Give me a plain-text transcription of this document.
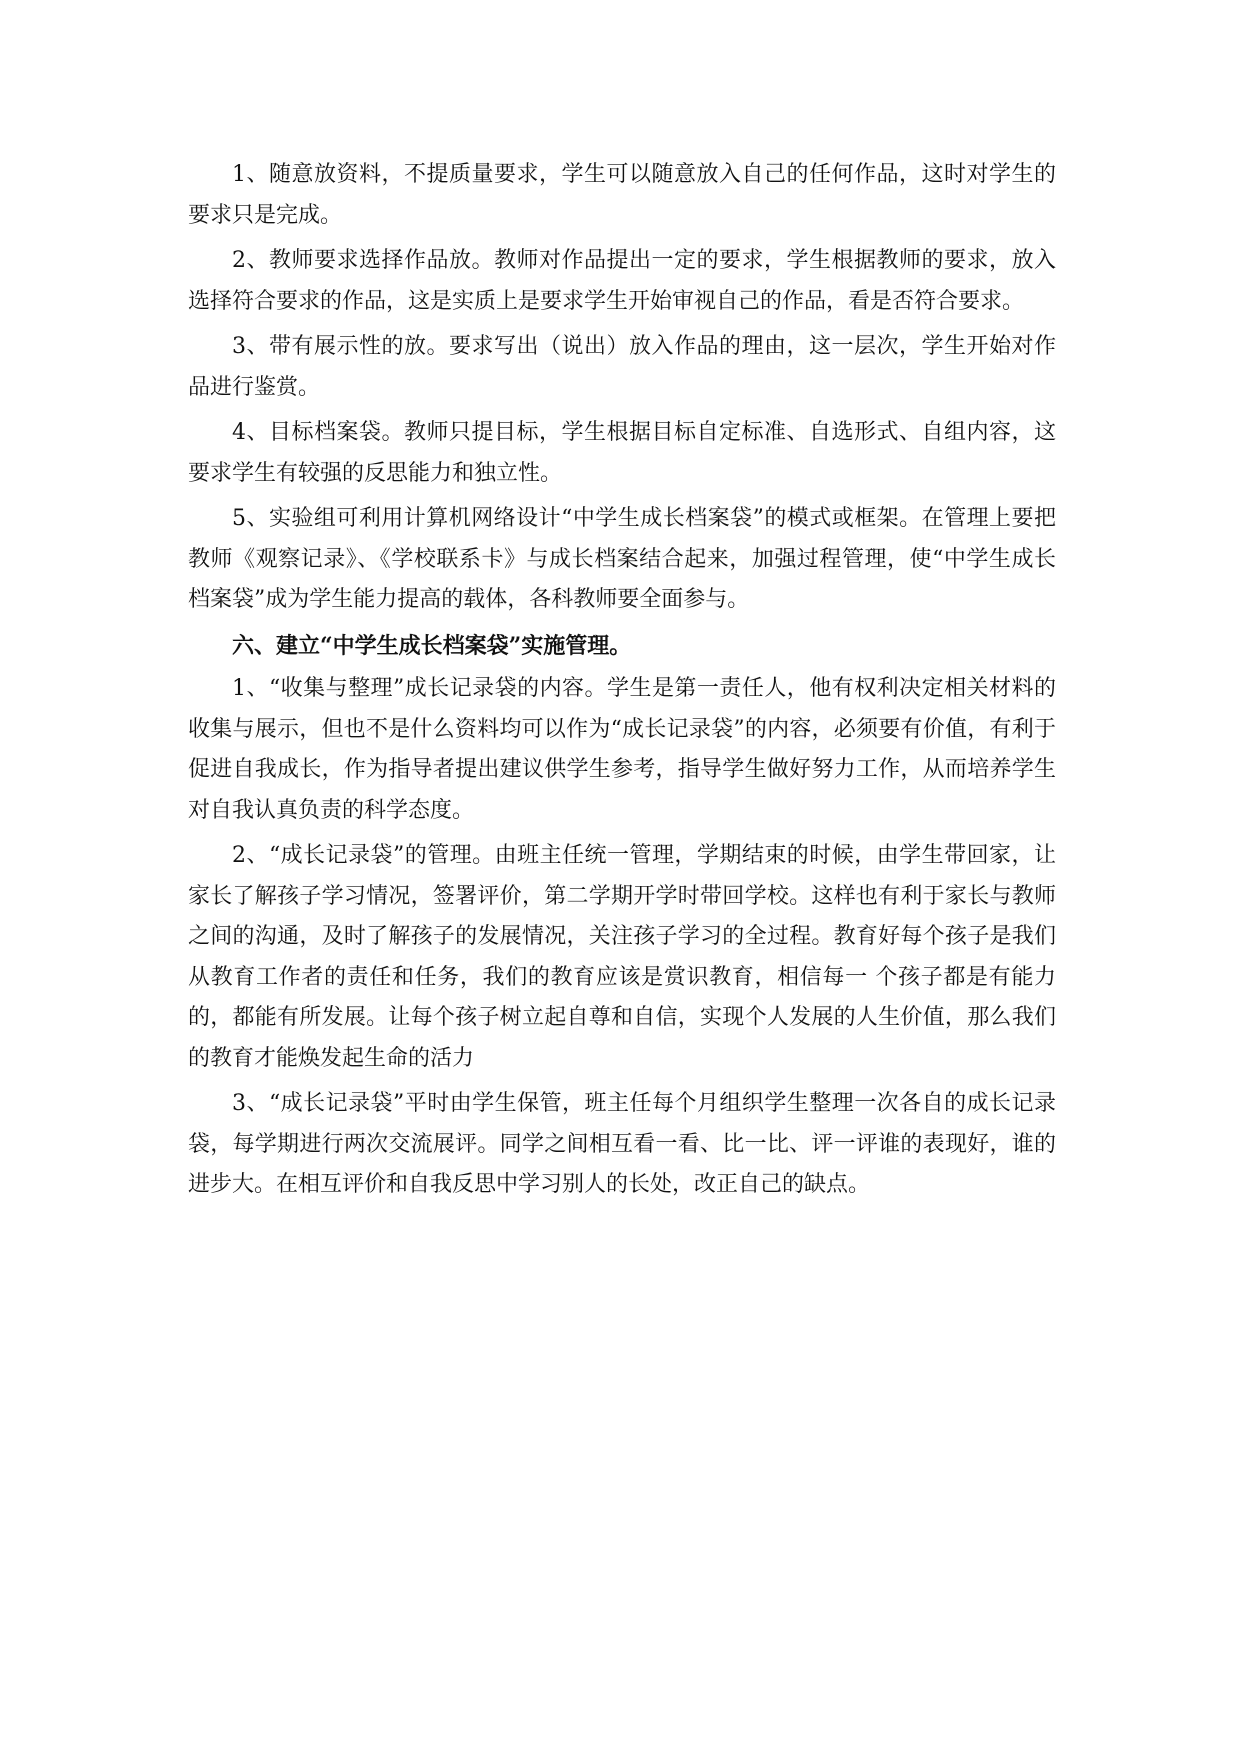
1、随意放资料，不提质量要求，学生可以随意放入自己的任何作品，这时对学生的要求只是完成。

2、教师要求选择作品放。教师对作品提出一定的要求，学生根据教师的要求，放入选择符合要求的作品，这是实质上是要求学生开始审视自己的作品，看是否符合要求。

3、带有展示性的放。要求写出（说出）放入作品的理由，这一层次，学生开始对作品进行鉴赏。

4、目标档案袋。教师只提目标，学生根据目标自定标准、自选形式、自组内容，这要求学生有较强的反思能力和独立性。

5、实验组可利用计算机网络设计“中学生成长档案袋”的模式或框架。在管理上要把教师《观察记录》、《学校联系卡》与成长档案结合起来，加强过程管理，使“中学生成长档案袋”成为学生能力提高的载体，各科教师要全面参与。

六、建立“中学生成长档案袋”实施管理。

1、“收集与整理”成长记录袋的内容。学生是第一责任人，他有权利决定相关材料的收集与展示，但也不是什么资料均可以作为“成长记录袋”的内容，必须要有价值，有利于促进自我成长，作为指导者提出建议供学生参考，指导学生做好努力工作，从而培养学生对自我认真负责的科学态度。

2、“成长记录袋”的管理。由班主任统一管理，学期结束的时候，由学生带回家，让家长了解孩子学习情况，签署评价，第二学期开学时带回学校。这样也有利于家长与教师之间的沟通，及时了解孩子的发展情况，关注孩子学习的全过程。教育好每个孩子是我们从教育工作者的责任和任务，我们的教育应该是赏识教育，相信每一 个孩子都是有能力的，都能有所发展。让每个孩子树立起自尊和自信，实现个人发展的人生价值，那么我们的教育才能焕发起生命的活力

3、“成长记录袋”平时由学生保管，班主任每个月组织学生整理一次各自的成长记录袋，每学期进行两次交流展评。同学之间相互看一看、比一比、评一评谁的表现好，谁的进步大。在相互评价和自我反思中学习别人的长处，改正自己的缺点。
